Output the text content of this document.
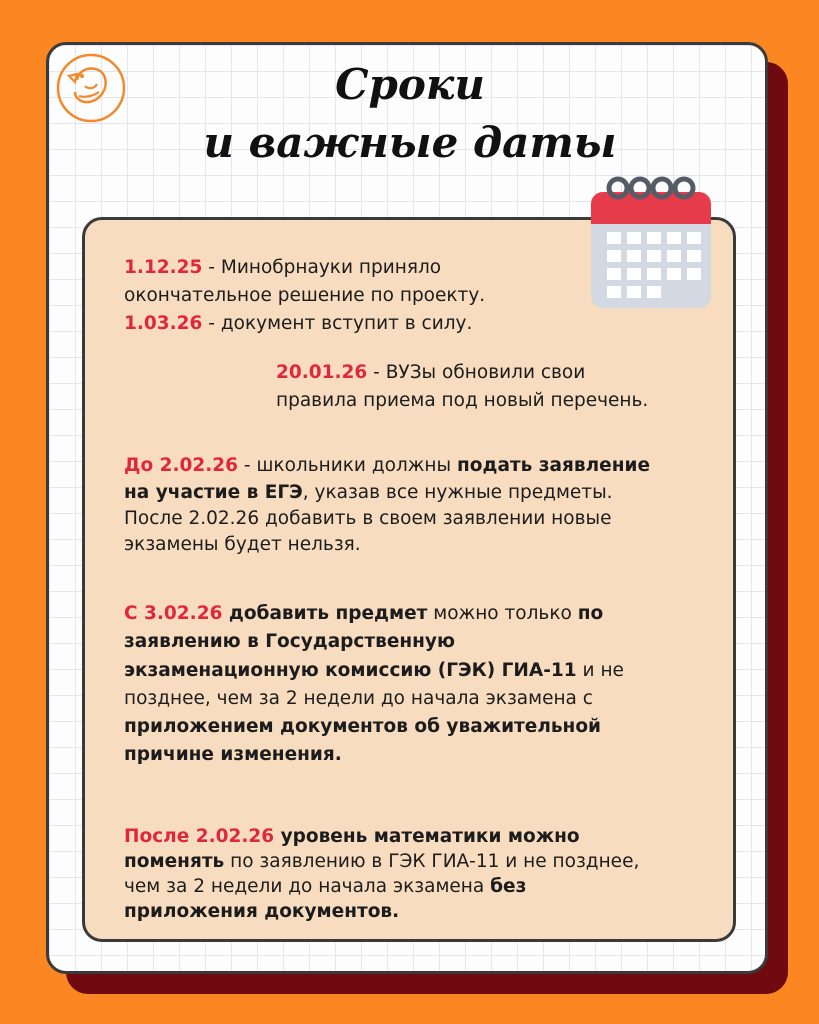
Сроки
и важные даты

1.12.25 - Минобрнауки приняло

окончательное решение по проекту.

1.03.26 - документ вступит в силу.

20.01.26 - ВУЗы обновили свои

правила приема под новый перечень.

До 2.02.26 - школьники должны подать заявление

на участие в ЕГЭ, указав все нужные предметы.

После 2.02.26 добавить в своем заявлении новые

экзамены будет нельзя.

С 3.02.26 добавить предмет можно только по

заявлению в Государственную

экзаменационную комиссию (ГЭК) ГИА-11 и не

позднее, чем за 2 недели до начала экзамена с

приложением документов об уважительной

причине изменения.

После 2.02.26 уровень математики можно

поменять по заявлению в ГЭК ГИА-11 и не позднее,

чем за 2 недели до начала экзамена без

приложения документов.
